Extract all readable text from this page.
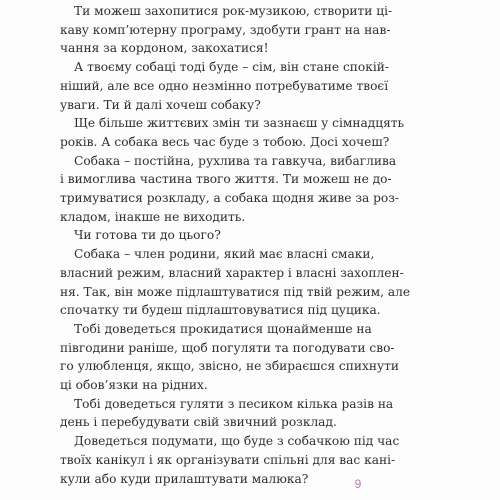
Ти можеш захопитися рок-музикою, створити ці-
каву комп’ютерну програму, здобути грант на нав-
чання за кордоном, закохатися!
А твоєму собаці тоді буде – сім, він стане спокій-
ніший, але все одно незмінно потребуватиме твоєї
уваги. Ти й далі хочеш собаку?
Ще більше життєвих змін ти зазнаєш у сімнадцять
років. А собака весь час буде з тобою. Досі хочеш?
Собака – постійна, рухлива та гавкуча, вибаглива
і вимоглива частина твого життя. Ти можеш не до-
тримуватися розкладу, а собака щодня живе за роз-
кладом, інакше не виходить.
Чи готова ти до цього?
Собака – член родини, який має власні смаки,
власний режим, власний характер і власні захоплен-
ня. Так, він може підлаштуватися під твій режим, але
спочатку ти будеш підлаштовуватися під цуцика.
Тобі доведеться прокидатися щонайменше на
півгодини раніше, щоб погуляти та погодувати сво-
го улюбленця, якщо, звісно, не збираєшся спихнути
ці обов’язки на рідних.
Тобі доведеться гуляти з песиком кілька разів на
день і перебудувати свій звичний розклад.
Доведеться подумати, що буде з собачкою під час
твоїх канікул і як організувати спільні для вас кані-
кули або куди прилаштувати малюка?	9
